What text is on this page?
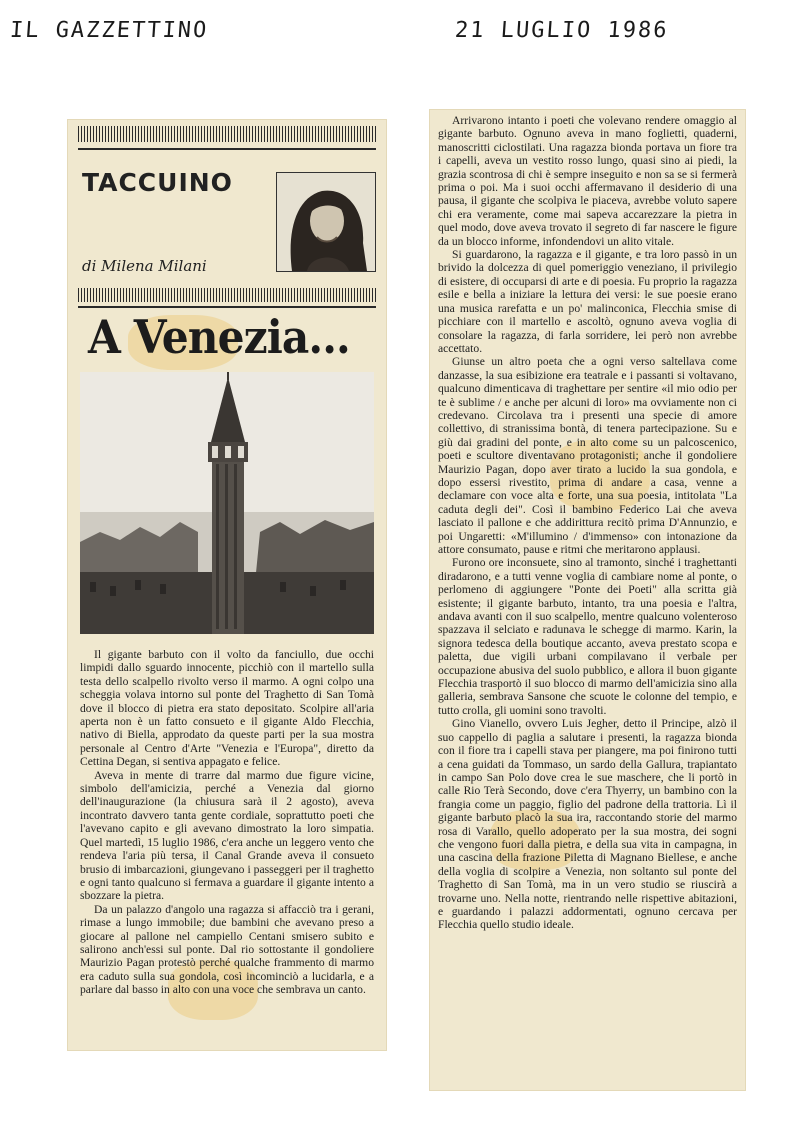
IL GAZZETTINO	21 LUGLIO 1986
TACCUINO
di Milena Milani
A Venezia...

Il gigante barbuto con il volto da fanciullo, due occhi limpidi dallo sguardo innocente, picchiò con il martello sulla testa dello scalpello rivolto verso il marmo. A ogni colpo una scheggia volava intorno sul ponte del Traghetto di San Tomà dove il blocco di pietra era stato depositato. Scolpire all'aria aperta non è un fatto consueto e il gigante Aldo Flecchia, nativo di Biella, approdato da queste parti per la sua mostra personale al Centro d'Arte "Venezia e l'Europa", diretto da Cettina Degan, si sentiva appagato e felice.

Aveva in mente di trarre dal marmo due figure vicine, simbolo dell'amicizia, perché a Venezia dal giorno dell'inaugurazione (la chiusura sarà il 2 agosto), aveva incontrato davvero tanta gente cordiale, soprattutto poeti che l'avevano capito e gli avevano dimostrato la loro simpatia. Quel martedì, 15 luglio 1986, c'era anche un leggero vento che rendeva l'aria più tersa, il Canal Grande aveva il consueto brusio di imbarcazioni, giungevano i passeggeri per il traghetto e ogni tanto qualcuno si fermava a guardare il gigante intento a sbozzare la pietra.

Da un palazzo d'angolo una ragazza si affacciò tra i gerani, rimase a lungo immobile; due bambini che avevano preso a giocare al pallone nel campiello Centani smisero subito e salirono anch'essi sul ponte. Dal rio sottostante il gondoliere Maurizio Pagan protestò perché qualche frammento di marmo era caduto sulla sua gondola, così incominciò a lucidarla, e a parlare dal basso in alto con una voce che sembrava un canto.

Arrivarono intanto i poeti che volevano rendere omaggio al gigante barbuto. Ognuno aveva in mano foglietti, quaderni, manoscritti ciclostilati. Una ragazza bionda portava un fiore tra i capelli, aveva un vestito rosso lungo, quasi sino ai piedi, la grazia scontrosa di chi è sempre inseguito e non sa se si fermerà prima o poi. Ma i suoi occhi affermavano il desiderio di una pausa, il gigante che scolpiva le piaceva, avrebbe voluto sapere chi era veramente, come mai sapeva accarezzare la pietra in quel modo, dove aveva trovato il segreto di far nascere le figure da un blocco informe, infondendovi un alito vitale.

Si guardarono, la ragazza e il gigante, e tra loro passò in un brivido la dolcezza di quel pomeriggio veneziano, il privilegio di esistere, di occuparsi di arte e di poesia. Fu proprio la ragazza esile e bella a iniziare la lettura dei versi: le sue poesie erano una musica rarefatta e un po' malinconica, Flecchia smise di picchiare con il martello e ascoltò, ognuno aveva voglia di consolare la ragazza, di farla sorridere, lei però non avrebbe accettato.

Giunse un altro poeta che a ogni verso saltellava come danzasse, la sua esibizione era teatrale e i passanti si voltavano, qualcuno dimenticava di traghettare per sentire «il mio odio per te è sublime / e anche per alcuni di loro» ma ovviamente non ci credevano. Circolava tra i presenti una specie di amore collettivo, di stranissima bontà, di tenera partecipazione. Su e giù dai gradini del ponte, e in alto come su un palcoscenico, poeti e scultore diventavano protagonisti; anche il gondoliere Maurizio Pagan, dopo aver tirato a lucido la sua gondola, e dopo essersi rivestito, prima di andare a casa, venne a declamare con voce alta e forte, una sua poesia, intitolata "La caduta degli dei". Così il bambino Federico Lai che aveva lasciato il pallone e che addirittura recitò prima D'Annunzio, e poi Ungaretti: «M'illumino / d'immenso» con intonazione da attore consumato, pause e ritmi che meritarono applausi.

Furono ore inconsuete, sino al tramonto, sinché i traghettanti diradarono, e a tutti venne voglia di cambiare nome al ponte, o perlomeno di aggiungere "Ponte dei Poeti" alla scritta già esistente; il gigante barbuto, intanto, tra una poesia e l'altra, andava avanti con il suo scalpello, mentre qualcuno volenteroso spazzava il selciato e radunava le schegge di marmo. Karin, la signora tedesca della boutique accanto, aveva prestato scopa e paletta, due vigili urbani compilavano il verbale per occupazione abusiva del suolo pubblico, e allora il buon gigante Flecchia trasportò il suo blocco di marmo dell'amicizia sino alla galleria, sembrava Sansone che scuote le colonne del tempio, e tutto crolla, gli uomini sono travolti.

Gino Vianello, ovvero Luis Jegher, detto il Principe, alzò il suo cappello di paglia a salutare i presenti, la ragazza bionda con il fiore tra i capelli stava per piangere, ma poi finirono tutti a cena guidati da Tommaso, un sardo della Gallura, trapiantato in campo San Polo dove crea le sue maschere, che li portò in calle Rio Terà Secondo, dove c'era Thyerry, un bambino con la frangia come un paggio, figlio del padrone della trattoria. Lì il gigante barbuto placò la sua ira, raccontando storie del marmo rosa di Varallo, quello adoperato per la sua mostra, dei sogni che vengono fuori dalla pietra, e della sua vita in campagna, in una cascina della frazione Piletta di Magnano Biellese, e anche della voglia di scolpire a Venezia, non soltanto sul ponte del Traghetto di San Tomà, ma in un vero studio se riuscirà a trovarne uno. Nella notte, rientrando nelle rispettive abitazioni, e guardando i palazzi addormentati, ognuno cercava per Flecchia quello studio ideale.
